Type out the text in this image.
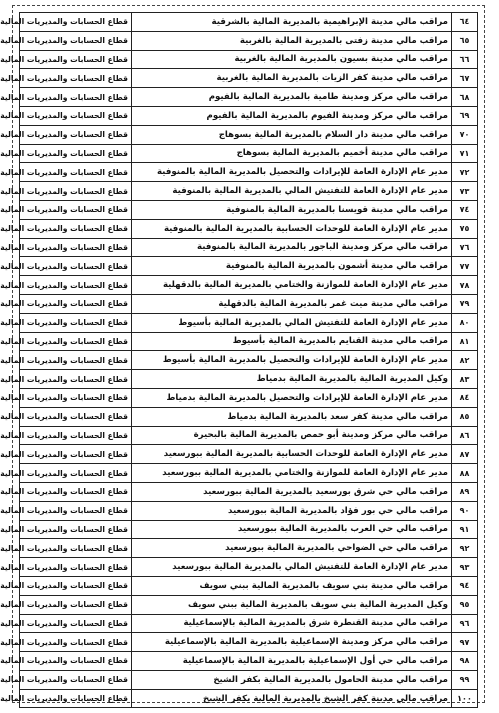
٦٤	مراقب مالي مدينة الإبراهيمية بالمديرية المالية بالشرقية	قطاع الحسابات والمديريات المالية
٦٥	مراقب مالي مدينة زفتى بالمديرية المالية بالغربية	قطاع الحسابات والمديريات المالية
٦٦	مراقب مالي مدينة بسيون بالمديرية المالية بالغربية	قطاع الحسابات والمديريات المالية
٦٧	مراقب مالي مدينة كفر الزيات بالمديرية المالية بالغربية	قطاع الحسابات والمديريات المالية
٦٨	مراقب مالي مركز ومدينة طامية بالمديرية المالية بالفيوم	قطاع الحسابات والمديريات المالية
٦٩	مراقب مالي مركز ومدينة الفيوم بالمديرية المالية بالفيوم	قطاع الحسابات والمديريات المالية
٧٠	مراقب مالي مدينة دار السلام بالمديرية المالية بسوهاج	قطاع الحسابات والمديريات المالية
٧١	مراقب مالي مدينة أخميم بالمديرية المالية بسوهاج	قطاع الحسابات والمديريات المالية
٧٢	مدير عام الإدارة العامة للإيرادات والتحصيل بالمديرية المالية بالمنوفية	قطاع الحسابات والمديريات المالية
٧٣	مدير عام الإدارة العامة للتفتيش المالي بالمديرية المالية بالمنوفية	قطاع الحسابات والمديريات المالية
٧٤	مراقب مالي مدينة قويسنا بالمديرية المالية بالمنوفية	قطاع الحسابات والمديريات المالية
٧٥	مدير عام الإدارة العامة للوحدات الحسابية بالمديرية المالية بالمنوفية	قطاع الحسابات والمديريات المالية
٧٦	مراقب مالي مركز ومدينة الباجور بالمديرية المالية بالمنوفية	قطاع الحسابات والمديريات المالية
٧٧	مراقب مالي مدينة أشمون بالمديرية المالية بالمنوفية	قطاع الحسابات والمديريات المالية
٧٨	مدير عام الإدارة العامة للموازنة والختامي بالمديرية المالية بالدقهلية	قطاع الحسابات والمديريات المالية
٧٩	مراقب مالي مدينة ميت غمر بالمديرية المالية بالدقهلية	قطاع الحسابات والمديريات المالية
٨٠	مدير عام الإدارة العامة للتفتيش المالي بالمديرية المالية بأسيوط	قطاع الحسابات والمديريات المالية
٨١	مراقب مالي مدينة القنايم بالمديرية المالية بأسيوط	قطاع الحسابات والمديريات المالية
٨٢	مدير عام الإدارة العامة للإيرادات والتحصيل بالمديرية المالية بأسيوط	قطاع الحسابات والمديريات المالية
٨٣	وكيل المديرية المالية بالمديرية المالية بدمياط	قطاع الحسابات والمديريات المالية
٨٤	مدير عام الإدارة العامة للإيرادات والتحصيل بالمديرية المالية بدمياط	قطاع الحسابات والمديريات المالية
٨٥	مراقب مالي مدينة كفر سعد بالمديرية المالية بدمياط	قطاع الحسابات والمديريات المالية
٨٦	مراقب مالي مركز ومدينة أبو حمص بالمديرية المالية بالبحيرة	قطاع الحسابات والمديريات المالية
٨٧	مدير عام الإدارة العامة للوحدات الحسابية بالمديرية المالية ببورسعيد	قطاع الحسابات والمديريات المالية
٨٨	مدير عام الإدارة العامة للموازنة والختامي بالمديرية المالية ببورسعيد	قطاع الحسابات والمديريات المالية
٨٩	مراقب مالي حي شرق بورسعيد بالمديرية المالية ببورسعيد	قطاع الحسابات والمديريات المالية
٩٠	مراقب مالي حي بور فؤاد بالمديرية المالية ببورسعيد	قطاع الحسابات والمديريات المالية
٩١	مراقب مالي حي العرب بالمديرية المالية ببورسعيد	قطاع الحسابات والمديريات المالية
٩٢	مراقب مالي حي الضواحي بالمديرية المالية ببورسعيد	قطاع الحسابات والمديريات المالية
٩٣	مدير عام الإدارة العامة للتفتيش المالي بالمديرية المالية ببورسعيد	قطاع الحسابات والمديريات المالية
٩٤	مراقب مالي مدينة بني سويف بالمديرية المالية ببني سويف	قطاع الحسابات والمديريات المالية
٩٥	وكيل المديرية المالية بني سويف بالمديرية المالية ببني سويف	قطاع الحسابات والمديريات المالية
٩٦	مراقب مالي مدينة القنطرة شرق بالمديرية المالية بالإسماعيلية	قطاع الحسابات والمديريات المالية
٩٧	مراقب مالي مركز ومدينة الإسماعيلية بالمديرية المالية بالإسماعيلية	قطاع الحسابات والمديريات المالية
٩٨	مراقب مالي حي أول الإسماعيلية بالمديرية المالية بالإسماعيلية	قطاع الحسابات والمديريات المالية
٩٩	مراقب مالي مدينة الحامول بالمديرية المالية بكفر الشيخ	قطاع الحسابات والمديريات المالية
١٠٠	مراقب مالي مدينة كفر الشيخ بالمديرية المالية بكفر الشيخ	قطاع الحسابات والمديريات المالية
